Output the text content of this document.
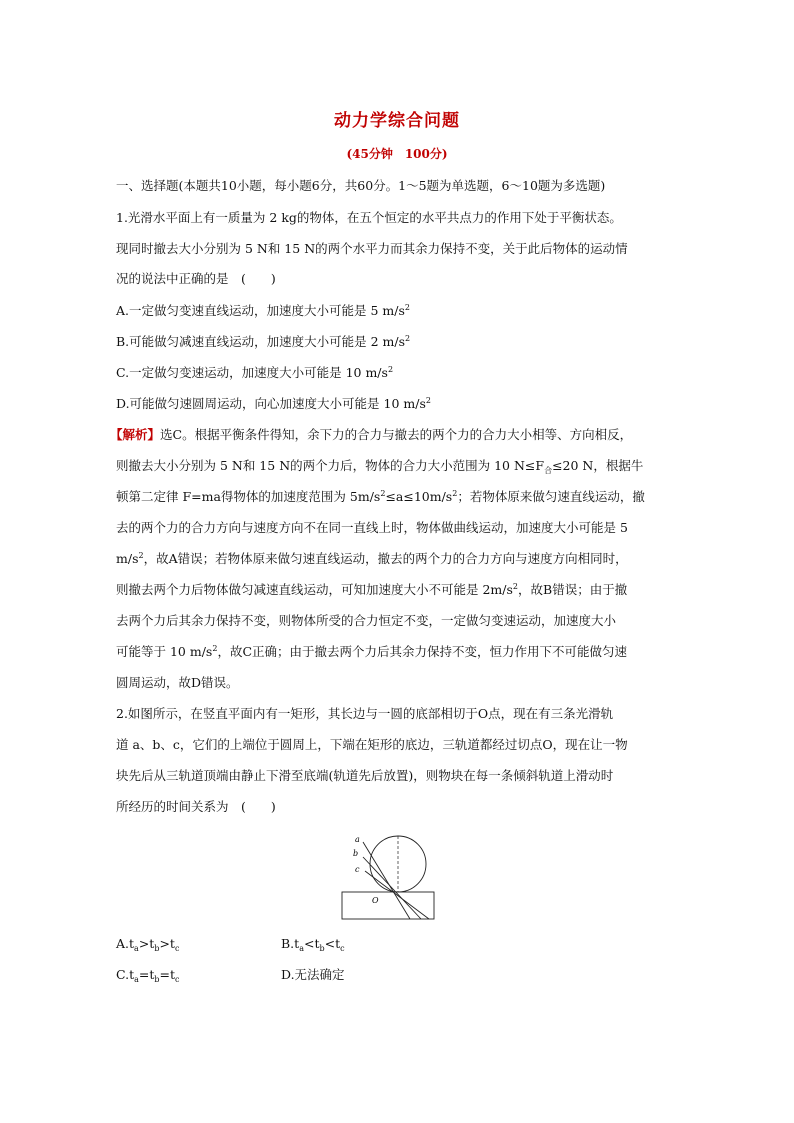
动力学综合问题
(45分钟　100分)
一、选择题(本题共10小题，每小题6分，共60分。1～5题为单选题，6～10题为多选题)
1.光滑水平面上有一质量为 2 kg的物体，在五个恒定的水平共点力的作用下处于平衡状态。
现同时撤去大小分别为 5 N和 15 N的两个水平力而其余力保持不变，关于此后物体的运动情
况的说法中正确的是　(　　)
A.一定做匀变速直线运动，加速度大小可能是 5 $m/s^2$
B.可能做匀减速直线运动，加速度大小可能是 2 $m/s^2$
C.一定做匀变速运动，加速度大小可能是 10 $m/s^2$
D.可能做匀速圆周运动，向心加速度大小可能是 10 $m/s^2$
【解析】选C。根据平衡条件得知，余下力的合力与撤去的两个力的合力大小相等、方向相反，
则撤去大小分别为 5 N和 15 N的两个力后，物体的合力大小范围为 10 $N\le F_合\le 20$ N，根据牛
顿第二定律 F=ma得物体的加速度范围为 $5m/s^2\le a\le 10m/s^2$；若物体原来做匀速直线运动，撤
去的两个力的合力方向与速度方向不在同一直线上时，物体做曲线运动，加速度大小可能是 5
$m/s^2$，故A错误；若物体原来做匀速直线运动，撤去的两个力的合力方向与速度方向相同时，
则撤去两个力后物体做匀减速直线运动，可知加速度大小不可能是 $2m/s^2$，故B错误；由于撤
去两个力后其余力保持不变，则物体所受的合力恒定不变，一定做匀变速运动，加速度大小
可能等于 10 $m/s^2$，故C正确；由于撤去两个力后其余力保持不变，恒力作用下不可能做匀速
圆周运动，故D错误。
2.如图所示，在竖直平面内有一矩形，其长边与一圆的底部相切于O点，现在有三条光滑轨
道 a、b、c，它们的上端位于圆周上，下端在矩形的底边，三轨道都经过切点O，现在让一物
块先后从三轨道顶端由静止下滑至底端(轨道先后放置)，则物块在每一条倾斜轨道上滑动时
所经历的时间关系为　(　　)
a
b
c
O
$A.t_a>t_b>t_c$	$B.t_a<t_b<t_c$
$C.t_a=t_b=t_c$	D.无法确定
